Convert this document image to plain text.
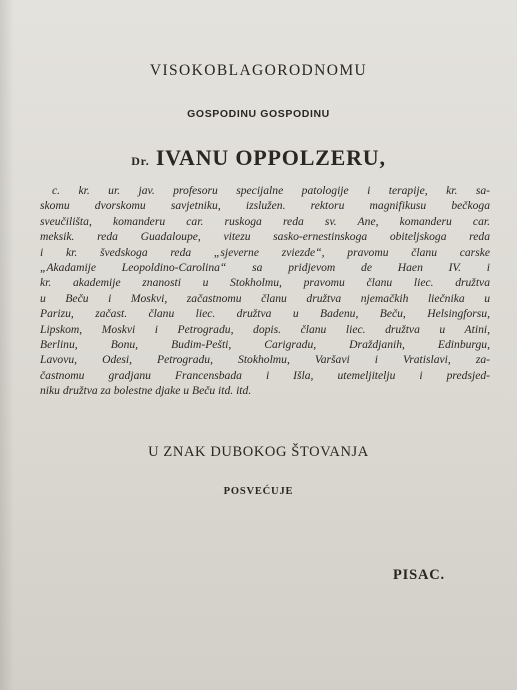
VISOKOBLAGORODNOMU
GOSPODINU GOSPODINU
Dr. IVANU OPPOLZERU,
c. kr. ur. jav. profesoru specijalne patologije i terapije, kr. sa-
skomu dvorskomu savjetniku, izslužen. rektoru magnifikusu bečkoga
sveučilišta, komanderu car. ruskoga reda sv. Ane, komanderu car.
meksik. reda Guadaloupe, vitezu sasko-ernestinskoga obiteljskoga reda
i kr. švedskoga reda „sjeverne zviezde“, pravomu članu carske
„Akadamije Leopoldino-Carolina“ sa pridjevom de Haen IV. i
kr. akademije znanosti u Stokholmu, pravomu članu liec. družtva
u Beču i Moskvi, začastnomu članu družtva njemačkih liečnika u
Parizu, začast. članu liec. družtva u Badenu, Beču, Helsingforsu,
Lipskom, Moskvi i Petrogradu, dopis. članu liec. družtva u Atini,
Berlinu, Bonu, Budim-Pešti, Carigradu, Draždjanih, Edinburgu,
Lavovu, Odesi, Petrogradu, Stokholmu, Varšavi i Vratislavi, za-
častnomu gradjanu Francensbada i Išla, utemeljitelju i predsjed-
niku družtva za bolestne djake u Beču itd. itd.
U ZNAK DUBOKOG ŠTOVANJA
POSVEĆUJE
PISAC.
